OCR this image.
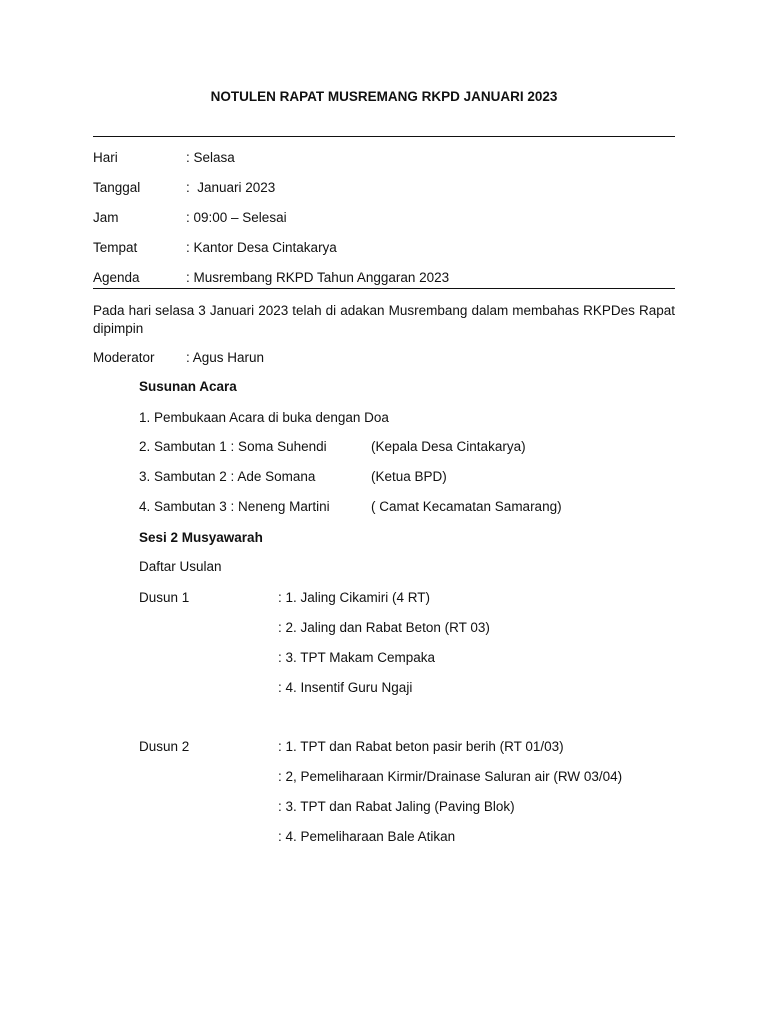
NOTULEN RAPAT MUSREMANG RKPD JANUARI 2023
Hari	: Selasa
Tanggal	:  Januari 2023
Jam	: 09:00 – Selesai
Tempat	: Kantor Desa Cintakarya
Agenda	: Musrembang RKPD Tahun Anggaran 2023
Pada hari selasa 3 Januari 2023 telah di adakan Musrembang dalam membahas RKPDes Rapat dipimpin
Moderator : Agus Harun
Susunan Acara
1. Pembukaan Acara di buka dengan Doa
2. Sambutan 1 : Soma Suhendi	(Kepala Desa Cintakarya)
3. Sambutan 2 : Ade Somana	(Ketua BPD)
4. Sambutan 3 : Neneng Martini	( Camat Kecamatan Samarang)
Sesi 2 Musyawarah
Daftar Usulan
Dusun 1	: 1. Jaling Cikamiri (4 RT)
: 2. Jaling dan Rabat Beton (RT 03)
: 3. TPT Makam Cempaka
: 4. Insentif Guru Ngaji
Dusun 2	: 1. TPT dan Rabat beton pasir berih (RT 01/03)
: 2, Pemeliharaan Kirmir/Drainase Saluran air (RW 03/04)
: 3. TPT dan Rabat Jaling (Paving Blok)
: 4. Pemeliharaan Bale Atikan
